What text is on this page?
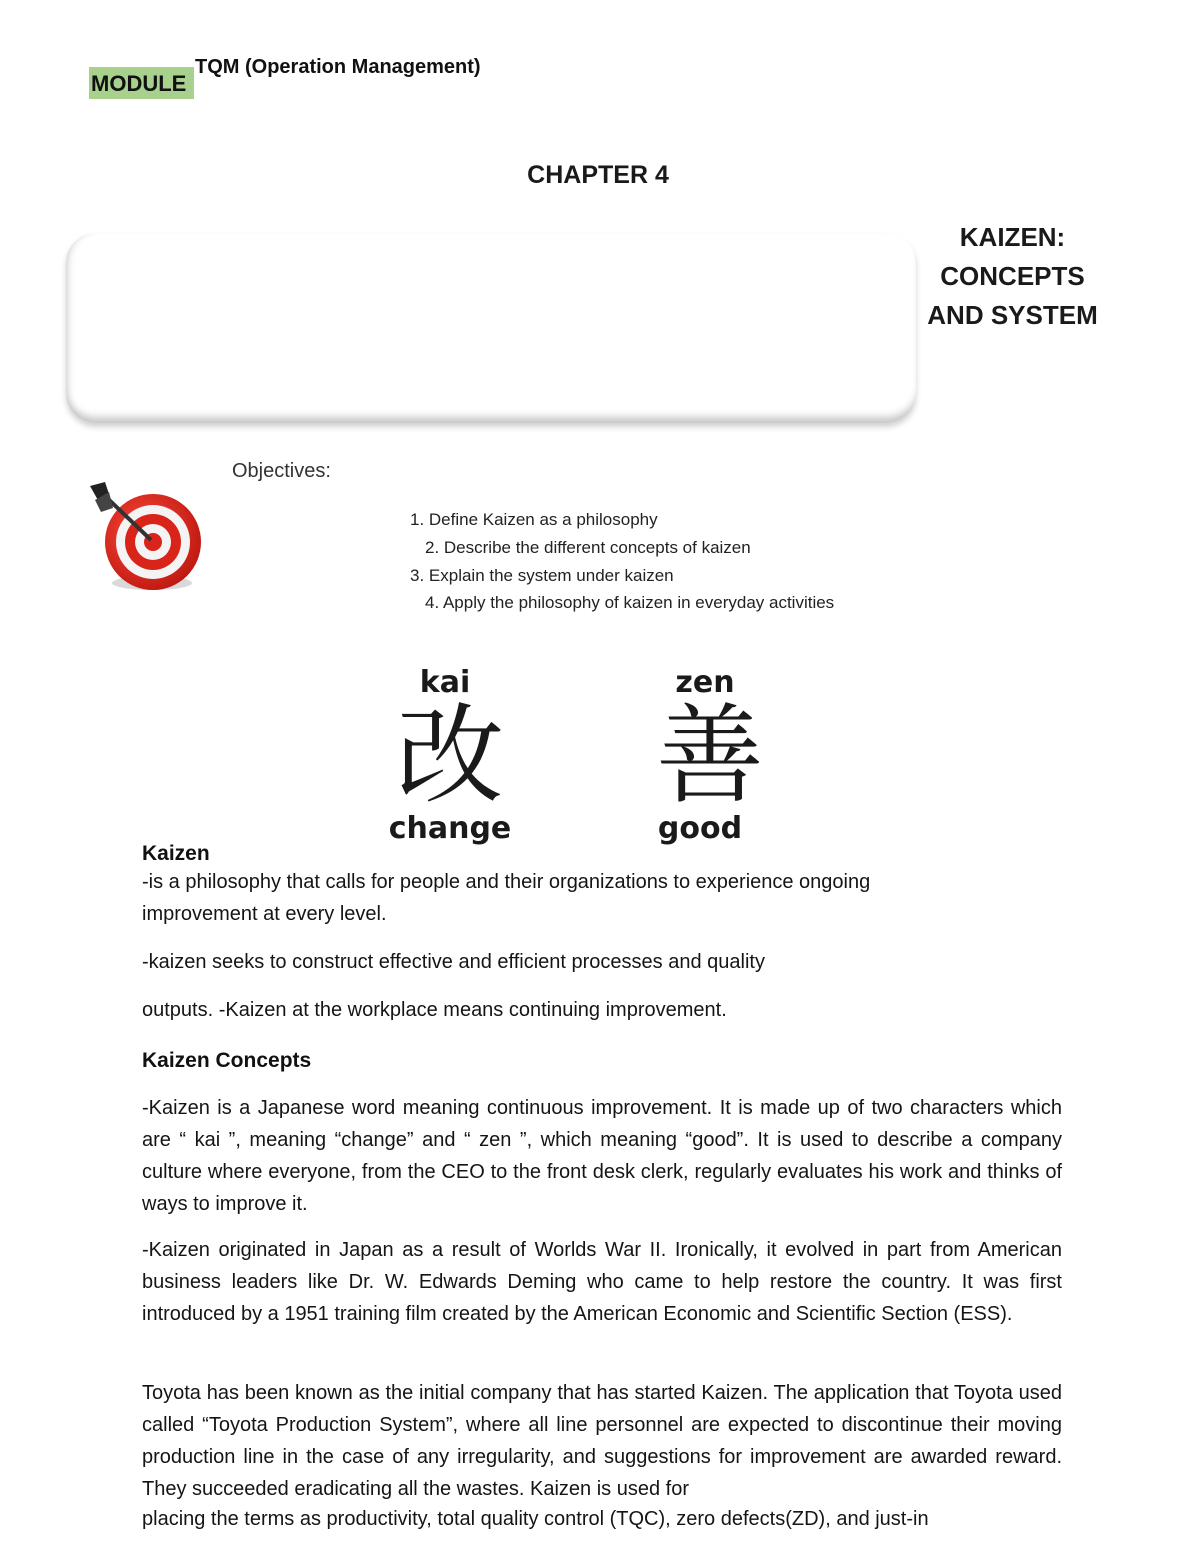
MODULE
TQM (Operation Management)
CHAPTER 4
KAIZEN:
CONCEPTS
AND SYSTEM
Objectives:
1. Define Kaizen as a philosophy
2. Describe the different concepts of kaizen
3. Explain the system under kaizen
4. Apply the philosophy of kaizen in everyday activities
kai	zen
改 善
change	good
Kaizen
-is a philosophy that calls for people and their organizations to experience ongoing
improvement at every level.
-kaizen seeks to construct effective and efficient processes and quality
outputs. -Kaizen at the workplace means continuing improvement.
Kaizen Concepts
-Kaizen is a Japanese word meaning continuous improvement. It is made up of two characters which are “ kai ”, meaning “change” and “ zen ”, which meaning “good”. It is used to describe a company culture where everyone, from the CEO to the front desk clerk, regularly evaluates his work and thinks of ways to improve it.
-Kaizen originated in Japan as a result of Worlds War II. Ironically, it evolved in part from American business leaders like Dr. W. Edwards Deming who came to help restore the country. It was first introduced by a 1951 training film created by the American Economic and Scientific Section (ESS).
Toyota has been known as the initial company that has started Kaizen. The application that Toyota used called “Toyota Production System”, where all line personnel are expected to discontinue their moving production line in the case of any irregularity, and suggestions for improvement are awarded reward. They succeeded eradicating all the wastes. Kaizen is used for
placing the terms as productivity, total quality control (TQC), zero defects(ZD), and just-in
